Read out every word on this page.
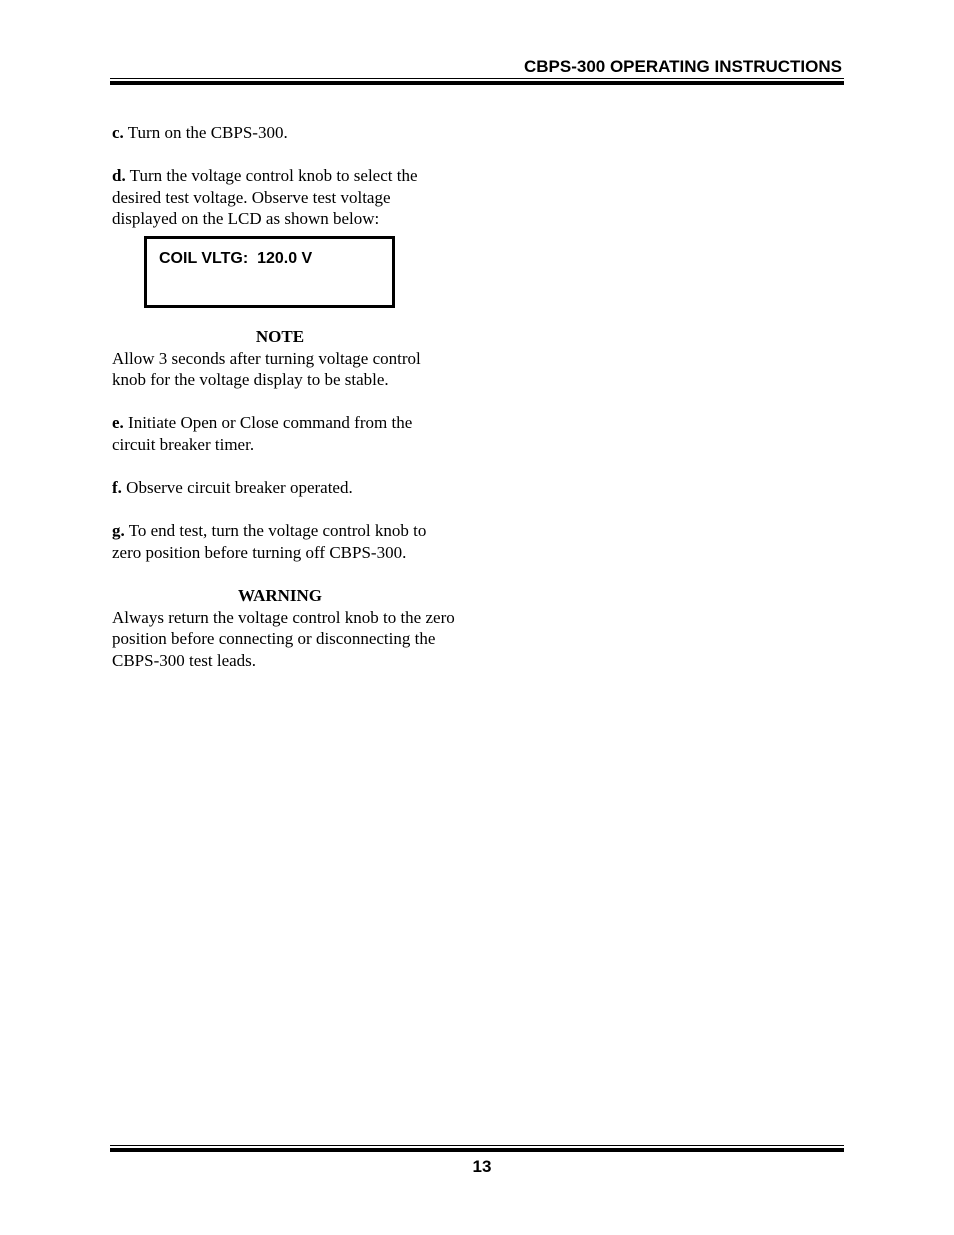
CBPS-300 OPERATING INSTRUCTIONS

c. Turn on the CBPS-300.

d. Turn the voltage control knob to select the desired test voltage. Observe test voltage displayed on the LCD as shown below:

COIL VLTG:  120.0 V

NOTE

Allow 3 seconds after turning voltage control knob for the voltage display to be stable.

e. Initiate Open or Close command from the circuit breaker timer.

f. Observe circuit breaker operated.

g. To end test, turn the voltage control knob to zero position before turning off CBPS-300.

WARNING

Always return the voltage control knob to the zero position before connecting or disconnecting the CBPS-300 test leads.

13
